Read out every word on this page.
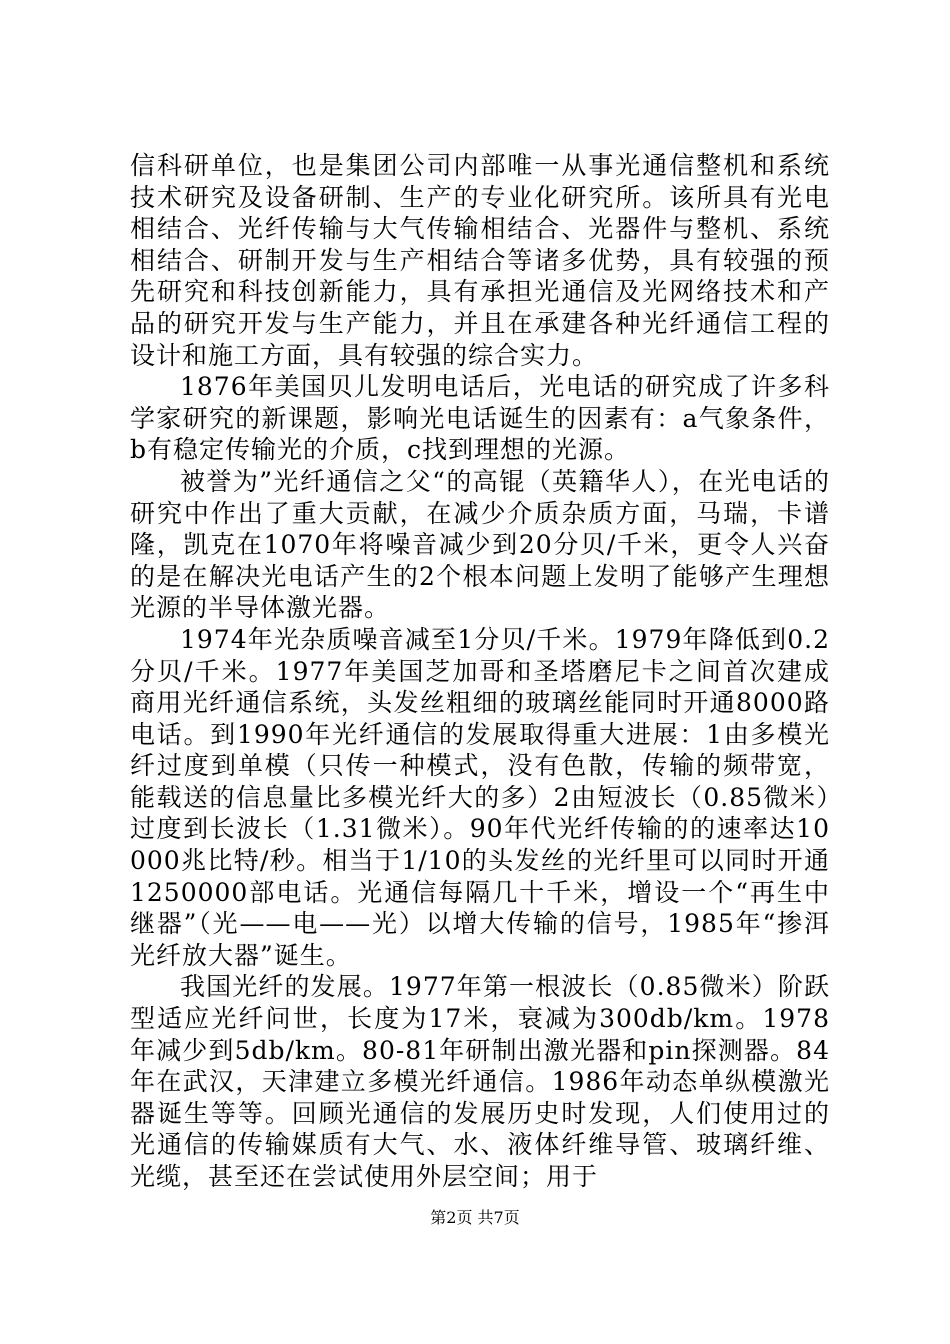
信科研单位，也是集团公司内部唯一从事光通信整机和系统技术研究及设备研制、生产的专业化研究所。该所具有光电相结合、光纤传输与大气传输相结合、光器件与整机、系统相结合、研制开发与生产相结合等诸多优势，具有较强的预先研究和科技创新能力，具有承担光通信及光网络技术和产品的研究开发与生产能力，并且在承建各种光纤通信工程的设计和施工方面，具有较强的综合实力。

1876年美国贝儿发明电话后，光电话的研究成了许多科学家研究的新课题，影响光电话诞生的因素有：a气象条件，b有稳定传输光的介质，c找到理想的光源。

被誉为”光纤通信之父“的高锟（英籍华人），在光电话的研究中作出了重大贡献，在减少介质杂质方面，马瑞，卡谱隆，凯克在1070年将噪音减少到20分贝/千米，更令人兴奋的是在解决光电话产生的2个根本问题上发明了能够产生理想光源的半导体激光器。

1974年光杂质噪音减至1分贝/千米。1979年降低到0.2分贝/千米。1977年美国芝加哥和圣塔磨尼卡之间首次建成商用光纤通信系统，头发丝粗细的玻璃丝能同时开通8000路电话。到1990年光纤通信的发展取得重大进展：1由多模光纤过度到单模（只传一种模式，没有色散，传输的频带宽，能载送的信息量比多模光纤大的多）2由短波长（0.85微米）过度到长波长（1.31微米）。90年代光纤传输的的速率达10000兆比特/秒。相当于1/10的头发丝的光纤里可以同时开通1250000部电话。光通信每隔几十千米，增设一个“再生中继器”（光——电——光）以增大传输的信号，1985年“掺洱光纤放大器”诞生。

我国光纤的发展。1977年第一根波长（0.85微米）阶跃型适应光纤问世，长度为17米，衰减为300db/km。1978年减少到5db/km。80-81年研制出激光器和pin探测器。84年在武汉，天津建立多模光纤通信。1986年动态单纵模激光器诞生等等。回顾光通信的发展历史时发现，人们使用过的光通信的传输媒质有大气、水、液体纤维导管、玻璃纤维、光缆，甚至还在尝试使用外层空间；用于

第2页 共7页
